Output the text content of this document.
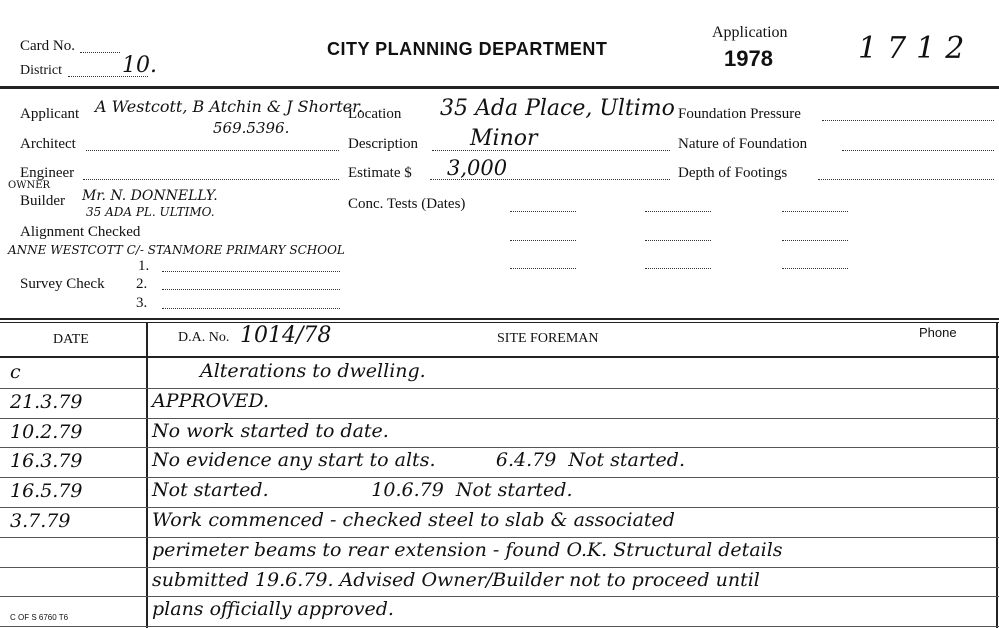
Card No.
District	10.
CITY PLANNING DEPARTMENT
Application
1978	1712
Applicant A Westcott, B Atchin & J Shorter.
569.5396.
Architect
Engineer
OWNER
Builder Mr. N. DONNELLY.
35 ADA PL. ULTIMO.
Alignment Checked
ANNE WESTCOTT C/- STANMORE PRIMARY SCHOOL
1.
Survey Check 2.
3.
Location 35 Ada Place, Ultimo
Description Minor
Estimate $ 3,000
Conc. Tests (Dates)
Foundation Pressure
Nature of Foundation
Depth of Footings
DATE	D.A. No. 1014/78	SITE FOREMAN	Phone
c	Alterations to dwelling.
21.3.79	APPROVED.
10.2.79	No work started to date.
16.3.79	No evidence any start to alts.          6.4.79  Not started.
16.5.79	Not started.                 10.6.79  Not started.
3.7.79	Work commenced - checked steel to slab & associated
perimeter beams to rear extension - found O.K. Structural details
submitted 19.6.79. Advised Owner/Builder not to proceed until
plans officially approved.
C OF S 6760 T6
